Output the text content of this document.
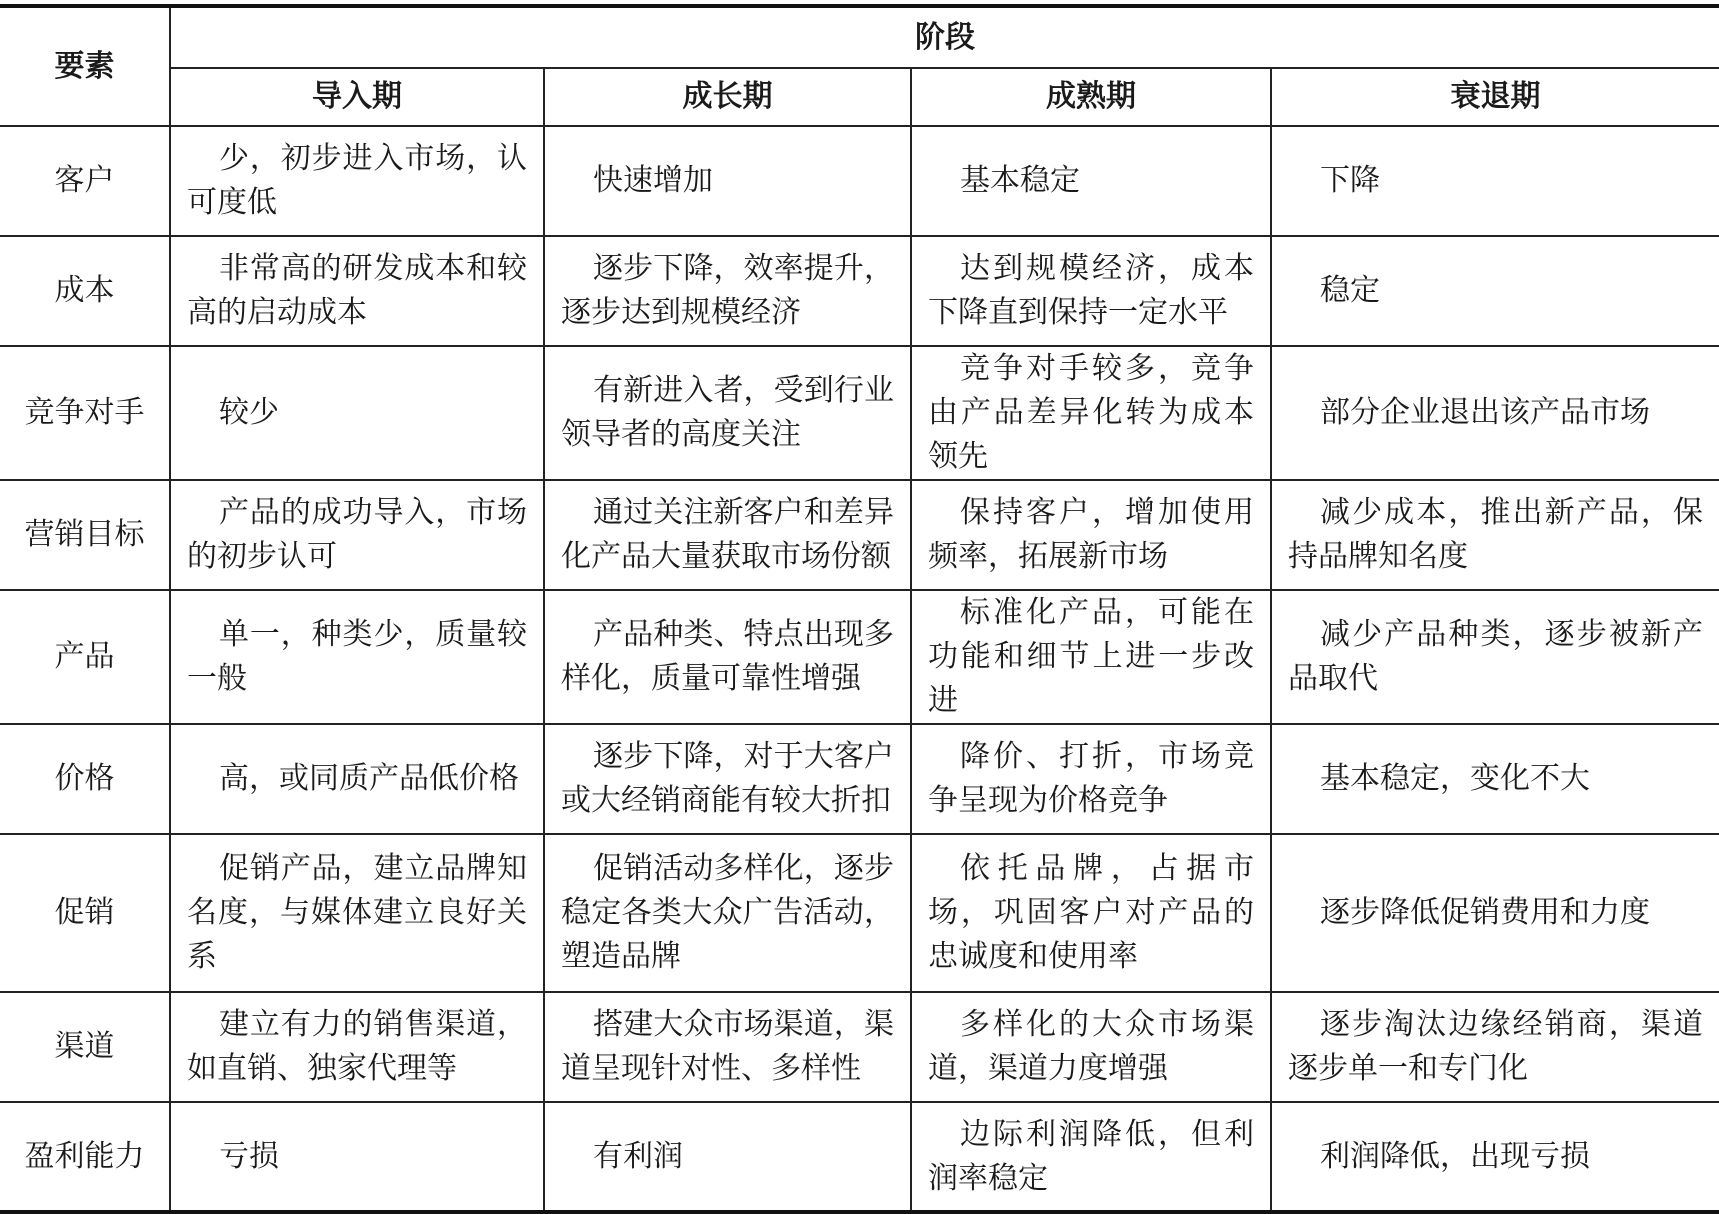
要素	阶段			
	导入期	成长期	成熟期	衰退期
客户	少，初步进入市场，认可度低	快速增加	基本稳定	下降
成本	非常高的研发成本和较高的启动成本	逐步下降，效率提升，逐步达到规模经济	达到规模经济，成本下降直到保持一定水平	稳定
竞争对手	较少	有新进入者，受到行业领导者的高度关注	竞争对手较多，竞争由产品差异化转为成本领先	部分企业退出该产品市场
营销目标	产品的成功导入，市场的初步认可	通过关注新客户和差异化产品大量获取市场份额	保持客户，增加使用频率，拓展新市场	减少成本，推出新产品，保持品牌知名度
产品	单一，种类少，质量较一般	产品种类、特点出现多样化，质量可靠性增强	标准化产品，可能在功能和细节上进一步改进	减少产品种类，逐步被新产品取代
价格	高，或同质产品低价格	逐步下降，对于大客户或大经销商能有较大折扣	降价、打折，市场竞争呈现为价格竞争	基本稳定，变化不大
促销	促销产品，建立品牌知名度，与媒体建立良好关系	促销活动多样化，逐步稳定各类大众广告活动，塑造品牌	依托品牌，占据市场，巩固客户对产品的忠诚度和使用率	逐步降低促销费用和力度
渠道	建立有力的销售渠道，如直销、独家代理等	搭建大众市场渠道，渠道呈现针对性、多样性	多样化的大众市场渠道，渠道力度增强	逐步淘汰边缘经销商，渠道逐步单一和专门化
盈利能力	亏损	有利润	边际利润降低，但利润率稳定	利润降低，出现亏损
